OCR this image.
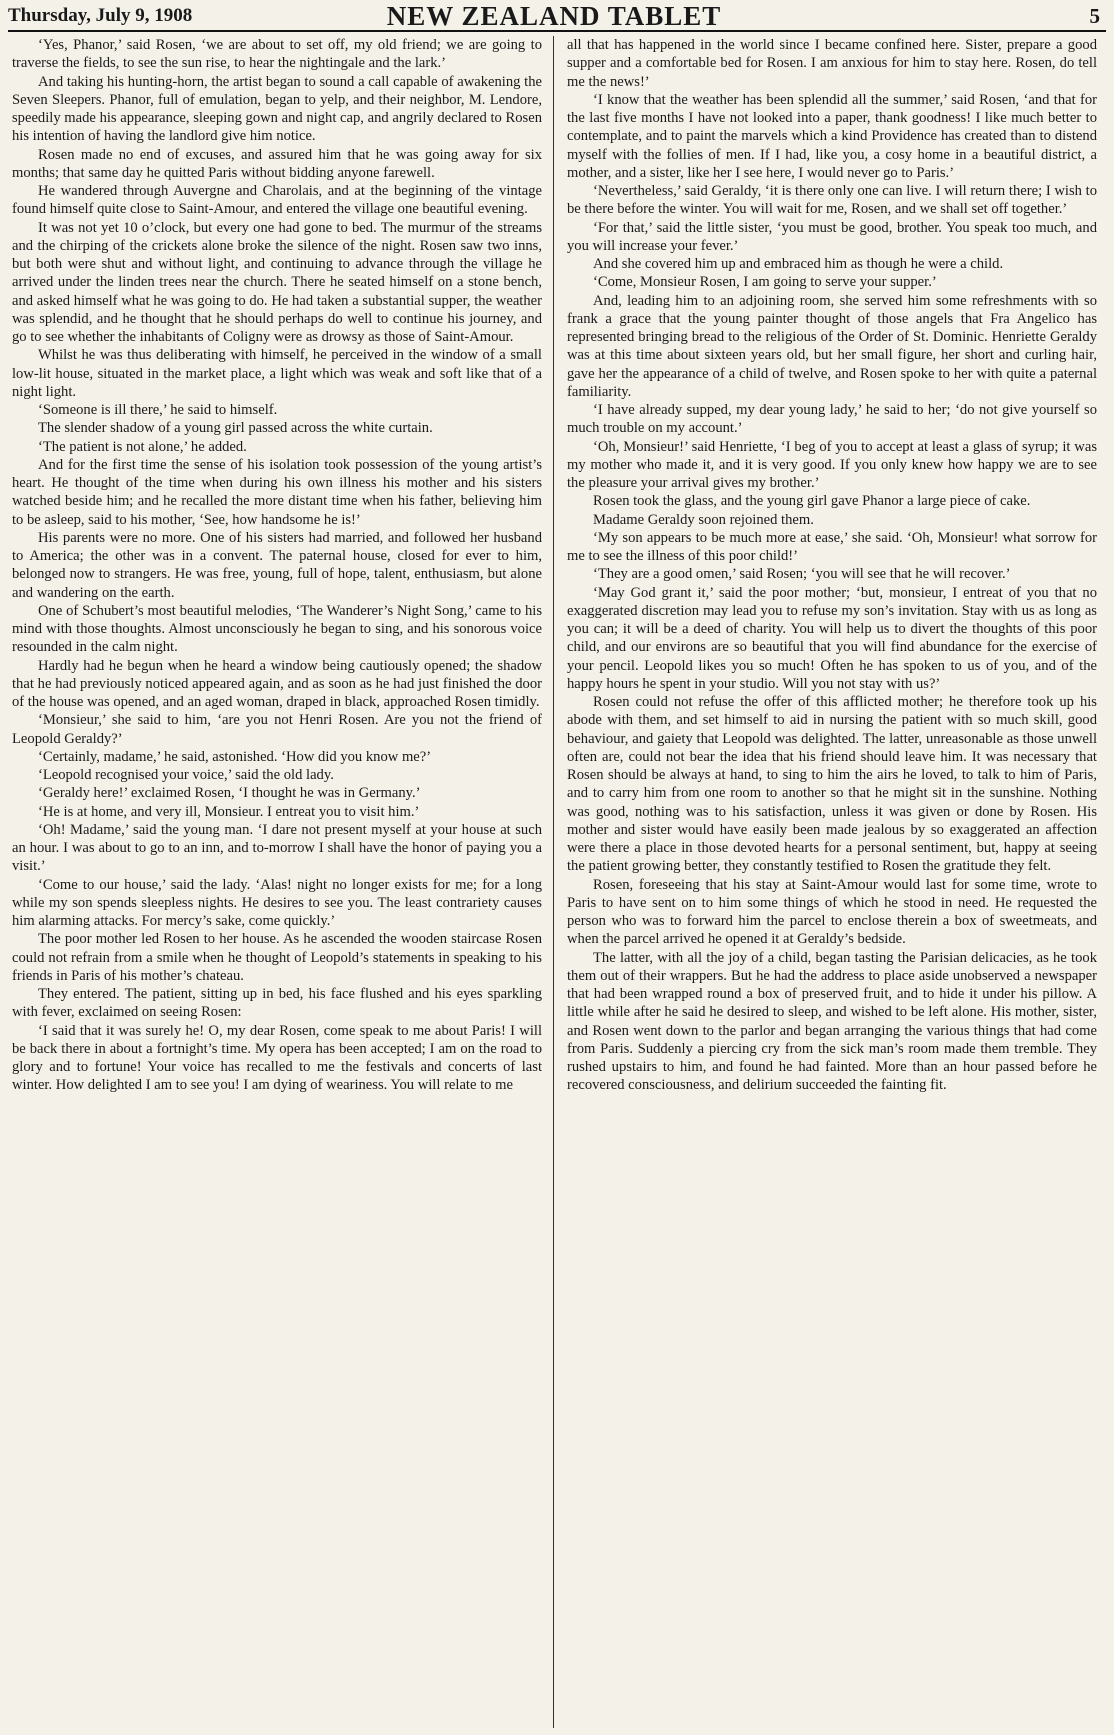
Thursday, July 9, 1908	NEW ZEALAND TABLET	5

‘Yes, Phanor,’ said Rosen, ‘we are about to set off, my old friend; we are going to traverse the fields, to see the sun rise, to hear the nightingale and the lark.’

And taking his hunting-horn, the artist began to sound a call capable of awakening the Seven Sleepers. Phanor, full of emulation, began to yelp, and their neighbor, M. Lendore, speedily made his appearance, sleeping gown and night cap, and angrily declared to Rosen his intention of having the landlord give him notice.

Rosen made no end of excuses, and assured him that he was going away for six months; that same day he quitted Paris without bidding anyone farewell.

He wandered through Auvergne and Charolais, and at the beginning of the vintage found himself quite close to Saint-Amour, and entered the village one beautiful evening.

It was not yet 10 o’clock, but every one had gone to bed. The murmur of the streams and the chirping of the crickets alone broke the silence of the night. Rosen saw two inns, but both were shut and without light, and continuing to advance through the village he arrived under the linden trees near the church. There he seated himself on a stone bench, and asked himself what he was going to do. He had taken a substantial supper, the weather was splendid, and he thought that he should perhaps do well to continue his journey, and go to see whether the inhabitants of Coligny were as drowsy as those of Saint-Amour.

Whilst he was thus deliberating with himself, he perceived in the window of a small low-lit house, situated in the market place, a light which was weak and soft like that of a night light.

‘Someone is ill there,’ he said to himself.

The slender shadow of a young girl passed across the white curtain.

‘The patient is not alone,’ he added.

And for the first time the sense of his isolation took possession of the young artist’s heart. He thought of the time when during his own illness his mother and his sisters watched beside him; and he recalled the more distant time when his father, believing him to be asleep, said to his mother, ‘See, how handsome he is!’

His parents were no more. One of his sisters had married, and followed her husband to America; the other was in a convent. The paternal house, closed for ever to him, belonged now to strangers. He was free, young, full of hope, talent, enthusiasm, but alone and wandering on the earth.

One of Schubert’s most beautiful melodies, ‘The Wanderer’s Night Song,’ came to his mind with those thoughts. Almost unconsciously he began to sing, and his sonorous voice resounded in the calm night.

Hardly had he begun when he heard a window being cautiously opened; the shadow that he had previously noticed appeared again, and as soon as he had just finished the door of the house was opened, and an aged woman, draped in black, approached Rosen timidly.

‘Monsieur,’ she said to him, ‘are you not Henri Rosen. Are you not the friend of Leopold Geraldy?’

‘Certainly, madame,’ he said, astonished. ‘How did you know me?’

‘Leopold recognised your voice,’ said the old lady.

‘Geraldy here!’ exclaimed Rosen, ‘I thought he was in Germany.’

‘He is at home, and very ill, Monsieur. I entreat you to visit him.’

‘Oh! Madame,’ said the young man. ‘I dare not present myself at your house at such an hour. I was about to go to an inn, and to-morrow I shall have the honor of paying you a visit.’

‘Come to our house,’ said the lady. ‘Alas! night no longer exists for me; for a long while my son spends sleepless nights. He desires to see you. The least contrariety causes him alarming attacks. For mercy’s sake, come quickly.’

The poor mother led Rosen to her house. As he ascended the wooden staircase Rosen could not refrain from a smile when he thought of Leopold’s statements in speaking to his friends in Paris of his mother’s chateau.

They entered. The patient, sitting up in bed, his face flushed and his eyes sparkling with fever, exclaimed on seeing Rosen:

‘I said that it was surely he! O, my dear Rosen, come speak to me about Paris! I will be back there in about a fortnight’s time. My opera has been accepted; I am on the road to glory and to fortune! Your voice has recalled to me the festivals and concerts of last winter. How delighted I am to see you! I am dying of weariness. You will relate to me

all that has happened in the world since I became confined here. Sister, prepare a good supper and a comfortable bed for Rosen. I am anxious for him to stay here. Rosen, do tell me the news!’

‘I know that the weather has been splendid all the summer,’ said Rosen, ‘and that for the last five months I have not looked into a paper, thank goodness! I like much better to contemplate, and to paint the marvels which a kind Providence has created than to distend myself with the follies of men. If I had, like you, a cosy home in a beautiful district, a mother, and a sister, like her I see here, I would never go to Paris.’

‘Nevertheless,’ said Geraldy, ‘it is there only one can live. I will return there; I wish to be there before the winter. You will wait for me, Rosen, and we shall set off together.’

‘For that,’ said the little sister, ‘you must be good, brother. You speak too much, and you will increase your fever.’

And she covered him up and embraced him as though he were a child.

‘Come, Monsieur Rosen, I am going to serve your supper.’

And, leading him to an adjoining room, she served him some refreshments with so frank a grace that the young painter thought of those angels that Fra Angelico has represented bringing bread to the religious of the Order of St. Dominic. Henriette Geraldy was at this time about sixteen years old, but her small figure, her short and curling hair, gave her the appearance of a child of twelve, and Rosen spoke to her with quite a paternal familiarity.

‘I have already supped, my dear young lady,’ he said to her; ‘do not give yourself so much trouble on my account.’

‘Oh, Monsieur!’ said Henriette, ‘I beg of you to accept at least a glass of syrup; it was my mother who made it, and it is very good. If you only knew how happy we are to see the pleasure your arrival gives my brother.’

Rosen took the glass, and the young girl gave Phanor a large piece of cake.

Madame Geraldy soon rejoined them.

‘My son appears to be much more at ease,’ she said. ‘Oh, Monsieur! what sorrow for me to see the illness of this poor child!’

‘They are a good omen,’ said Rosen; ‘you will see that he will recover.’

‘May God grant it,’ said the poor mother; ‘but, monsieur, I entreat of you that no exaggerated discretion may lead you to refuse my son’s invitation. Stay with us as long as you can; it will be a deed of charity. You will help us to divert the thoughts of this poor child, and our environs are so beautiful that you will find abundance for the exercise of your pencil. Leopold likes you so much! Often he has spoken to us of you, and of the happy hours he spent in your studio. Will you not stay with us?’

Rosen could not refuse the offer of this afflicted mother; he therefore took up his abode with them, and set himself to aid in nursing the patient with so much skill, good behaviour, and gaiety that Leopold was delighted. The latter, unreasonable as those unwell often are, could not bear the idea that his friend should leave him. It was necessary that Rosen should be always at hand, to sing to him the airs he loved, to talk to him of Paris, and to carry him from one room to another so that he might sit in the sunshine. Nothing was good, nothing was to his satisfaction, unless it was given or done by Rosen. His mother and sister would have easily been made jealous by so exaggerated an affection were there a place in those devoted hearts for a personal sentiment, but, happy at seeing the patient growing better, they constantly testified to Rosen the gratitude they felt.

Rosen, foreseeing that his stay at Saint-Amour would last for some time, wrote to Paris to have sent on to him some things of which he stood in need. He requested the person who was to forward him the parcel to enclose therein a box of sweetmeats, and when the parcel arrived he opened it at Geraldy’s bedside.

The latter, with all the joy of a child, began tasting the Parisian delicacies, as he took them out of their wrappers. But he had the address to place aside unobserved a newspaper that had been wrapped round a box of preserved fruit, and to hide it under his pillow. A little while after he said he desired to sleep, and wished to be left alone. His mother, sister, and Rosen went down to the parlor and began arranging the various things that had come from Paris. Suddenly a piercing cry from the sick man’s room made them tremble. They rushed upstairs to him, and found he had fainted. More than an hour passed before he recovered consciousness, and delirium succeeded the fainting fit.
